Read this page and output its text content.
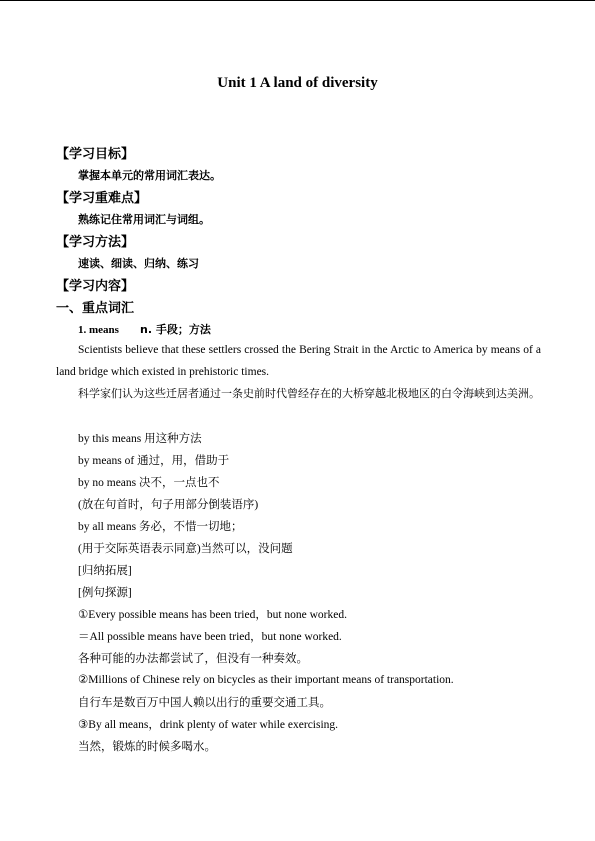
Unit 1 A land of diversity
【学习目标】
掌握本单元的常用词汇表达。
【学习重难点】
熟练记住常用词汇与词组。
【学习方法】
速读、细读、归纳、练习
【学习内容】
一、重点词汇
1. means n. 手段；方法
Scientists believe that these settlers crossed the Bering Strait in the Arctic to America by means of a land bridge which existed in prehistoric times.
科学家们认为这些迁居者通过一条史前时代曾经存在的大桥穿越北极地区的白令海峡到达美洲。
by this means 用这种方法
by means of 通过，用，借助于
by no means 决不，一点也不
(放在句首时，句子用部分倒装语序)
by all means 务必，不惜一切地；
(用于交际英语表示同意)当然可以，没问题
[归纳拓展]
[例句探源]
①Every possible means has been tried，but none worked.
＝All possible means have been tried，but none worked.
各种可能的办法都尝试了，但没有一种奏效。
②Millions of Chinese rely on bicycles as their important means of transportation.
自行车是数百万中国人赖以出行的重要交通工具。
③By all means，drink plenty of water while exercising.
当然，锻炼的时候多喝水。
